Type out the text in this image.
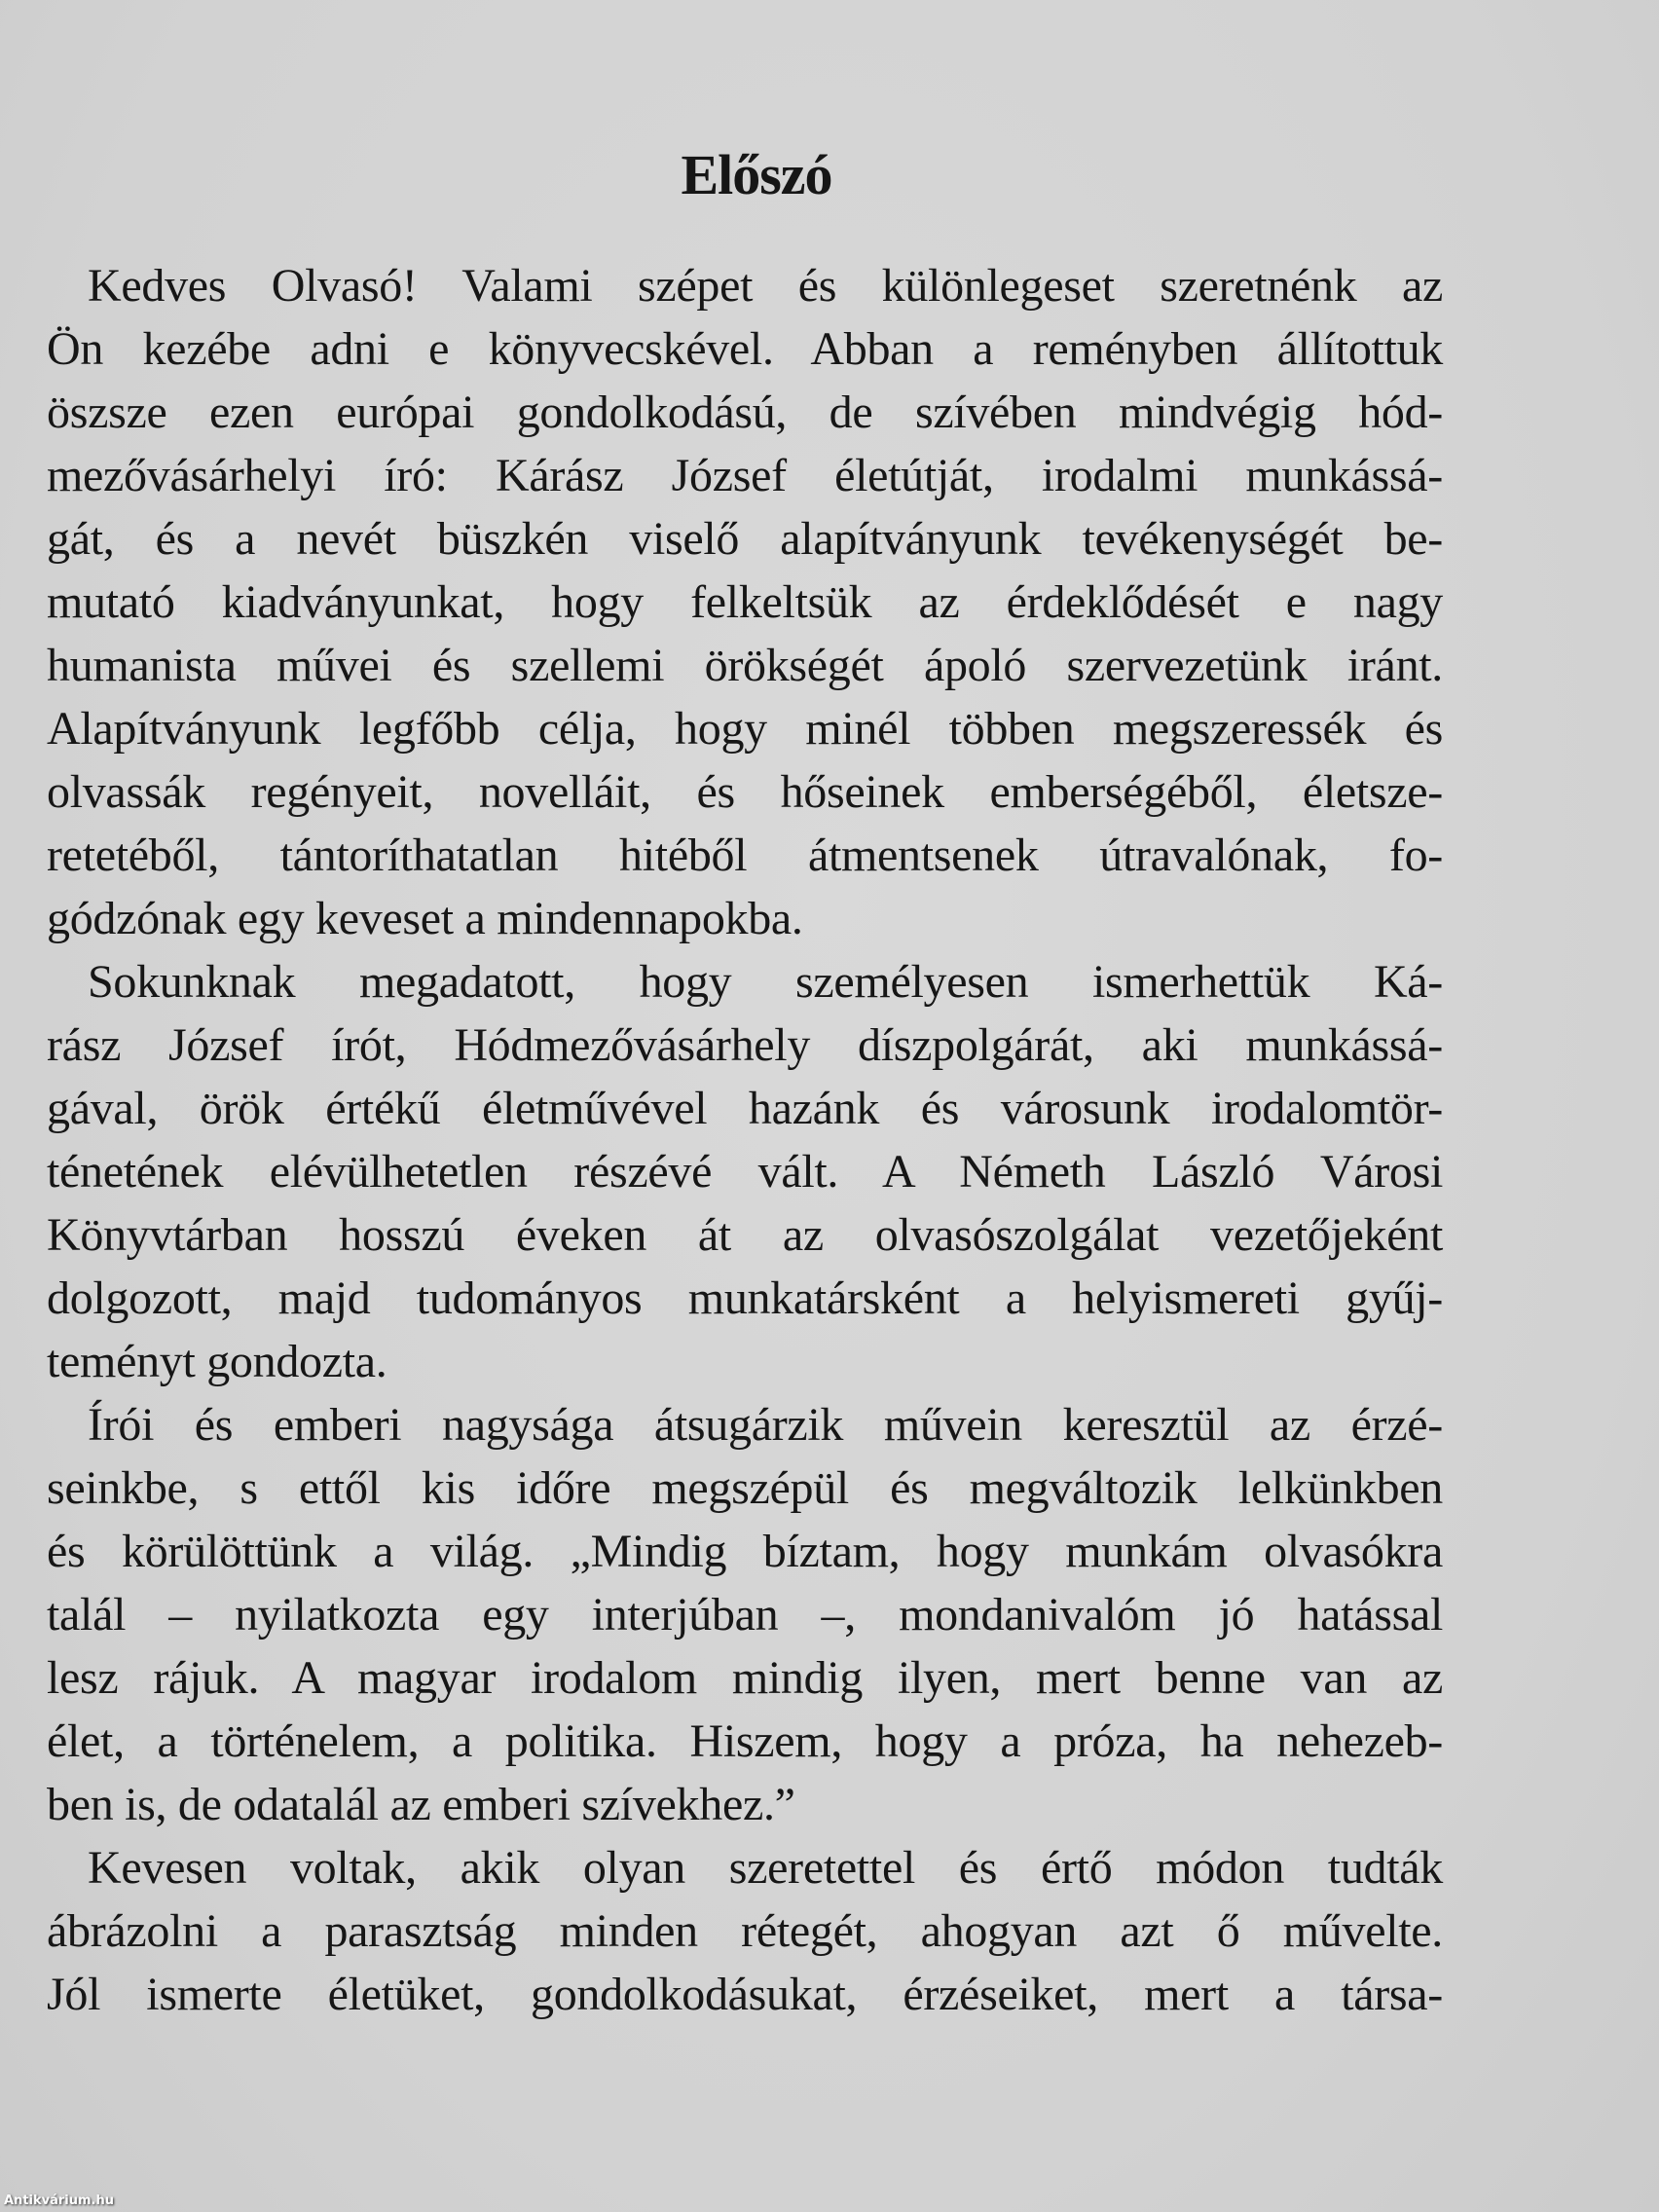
Előszó
Kedves Olvasó! Valami szépet és különlegeset szeretnénk az
Ön kezébe adni e könyvecskével. Abban a reményben állítottuk
öszsze ezen európai gondolkodású, de szívében mindvégig hód-
mezővásárhelyi író: Kárász József életútját, irodalmi munkássá-
gát, és a nevét büszkén viselő alapítványunk tevékenységét be-
mutató kiadványunkat, hogy felkeltsük az érdeklődését e nagy
humanista művei és szellemi örökségét ápoló szervezetünk iránt.
Alapítványunk legfőbb célja, hogy minél többen megszeressék és
olvassák regényeit, novelláit, és hőseinek emberségéből, életsze-
retetéből, tántoríthatatlan hitéből átmentsenek útravalónak, fo-
gódzónak egy keveset a mindennapokba.
Sokunknak megadatott, hogy személyesen ismerhettük Ká-
rász József írót, Hódmezővásárhely díszpolgárát, aki munkássá-
gával, örök értékű életművével hazánk és városunk irodalomtör-
ténetének elévülhetetlen részévé vált. A Németh László Városi
Könyvtárban hosszú éveken át az olvasószolgálat vezetőjeként
dolgozott, majd tudományos munkatársként a helyismereti gyűj-
teményt gondozta.
Írói és emberi nagysága átsugárzik művein keresztül az érzé-
seinkbe, s ettől kis időre megszépül és megváltozik lelkünkben
és körülöttünk a világ. „Mindig bíztam, hogy munkám olvasókra
talál – nyilatkozta egy interjúban –, mondanivalóm jó hatással
lesz rájuk. A magyar irodalom mindig ilyen, mert benne van az
élet, a történelem, a politika. Hiszem, hogy a próza, ha nehezeb-
ben is, de odatalál az emberi szívekhez.”
Kevesen voltak, akik olyan szeretettel és értő módon tudták
ábrázolni a parasztság minden rétegét, ahogyan azt ő művelte.
Jól ismerte életüket, gondolkodásukat, érzéseiket, mert a társa-
Antikvárium.hu
